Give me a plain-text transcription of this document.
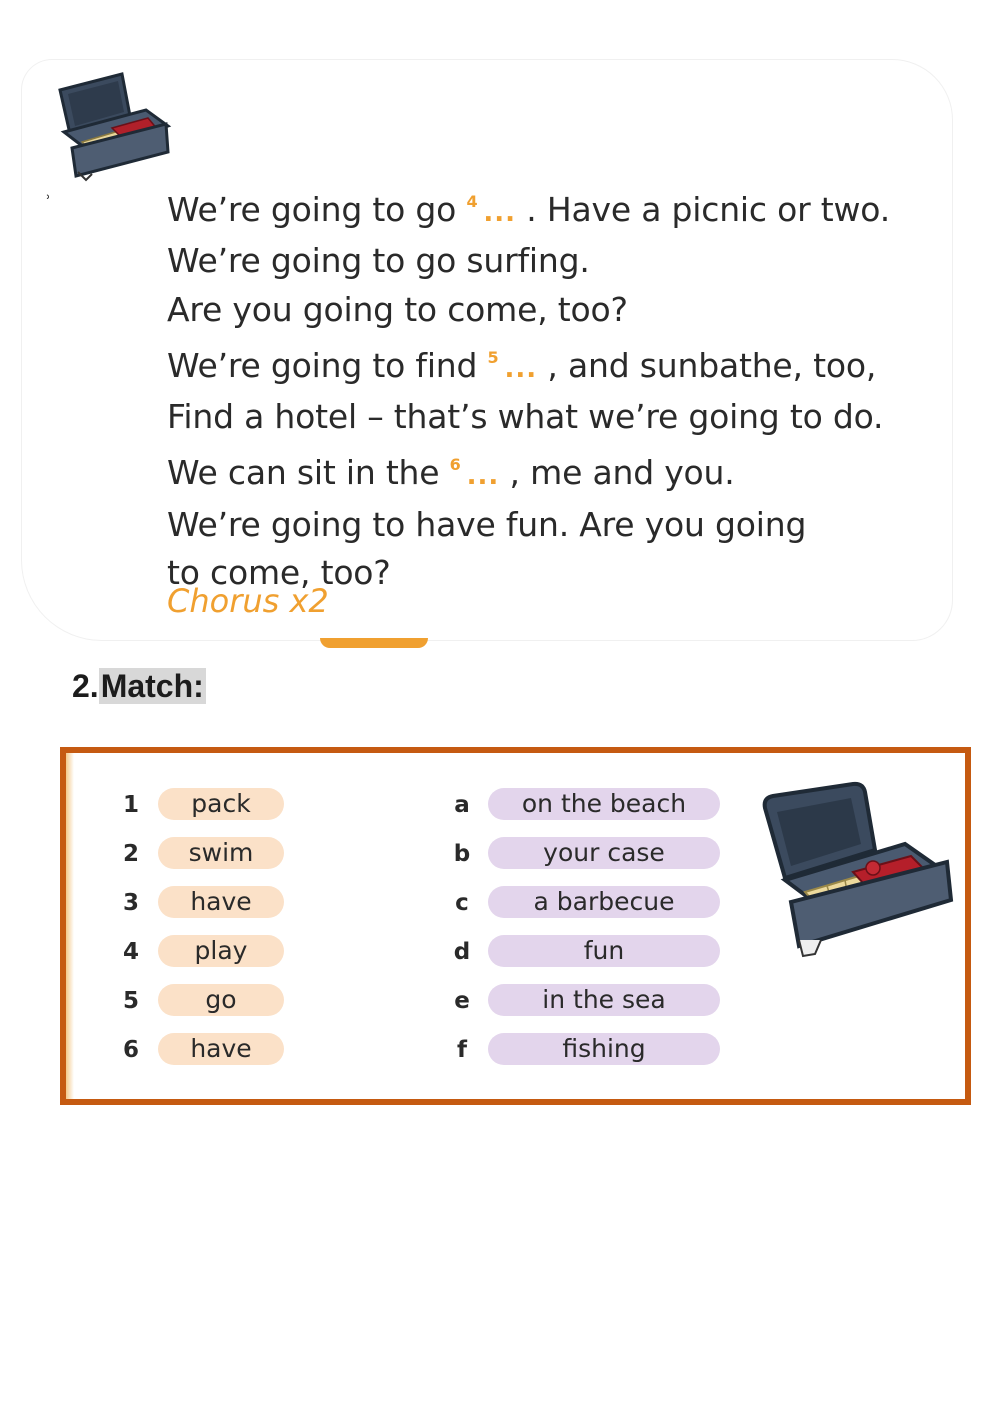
˒	We’re going to go $^4$ ... . Have a picnic or two.
We’re going to go surfing.
Are you going to come, too?
We’re going to find $^5$ ... , and sunbathe, too,
Find a hotel – that’s what we’re going to do.
We can sit in the $^6$ ... , me and you.
We’re going to have fun. Are you going
to come, too?
Chorus x2
2.Match:
1	pack	a	on the beach
2	swim	b	your case
3	have	c	a barbecue
4	play	d	fun
5	go	e	in the sea
6	have	f	fishing
